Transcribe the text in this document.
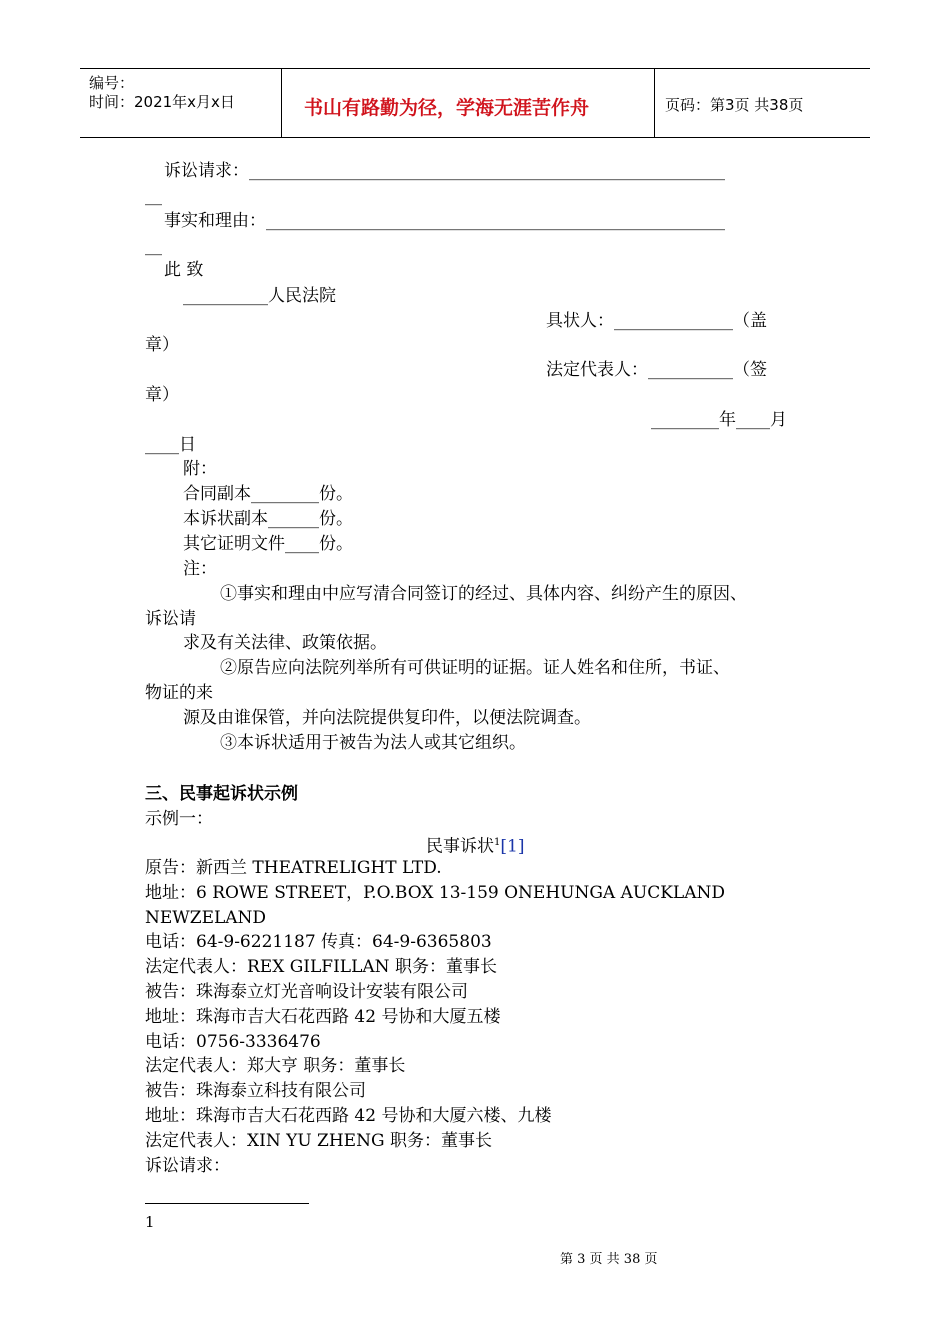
编号：
时间：2021年x月x日	书山有路勤为径，学海无涯苦作舟	页码：第3页 共38页
诉讼请求：________________________________________________________
__
事实和理由：______________________________________________________
__
此 致
__________人民法院
具状人：______________（盖
章）
法定代表人：__________（签
章）
________年____月
____日
附：
合同副本________份。
本诉状副本______份。
其它证明文件____份。
注：
①事实和理由中应写清合同签订的经过、具体内容、纠纷产生的原因、
诉讼请
求及有关法律、政策依据。
②原告应向法院列举所有可供证明的证据。证人姓名和住所，书证、
物证的来
源及由谁保管，并向法院提供复印件，以便法院调查。
③本诉状适用于被告为法人或其它组织。
三、民事起诉状示例
示例一：
民事诉状$^1$[1]
原告：新西兰 THEATRELIGHT LTD.
地址：6 ROWE STREET，P.O.BOX 13-159 ONEHUNGA AUCKLAND
NEWZELAND
电话：64-9-6221187 传真：64-9-6365803
法定代表人：REX GILFILLAN 职务：董事长
被告：珠海泰立灯光音响设计安装有限公司
地址：珠海市吉大石花西路 42 号协和大厦五楼
电话：0756-3336476
法定代表人：郑大亨 职务：董事长
被告：珠海泰立科技有限公司
地址：珠海市吉大石花西路 42 号协和大厦六楼、九楼
法定代表人：XIN YU ZHENG 职务：董事长
诉讼请求：
1
第 3 页 共 38 页
